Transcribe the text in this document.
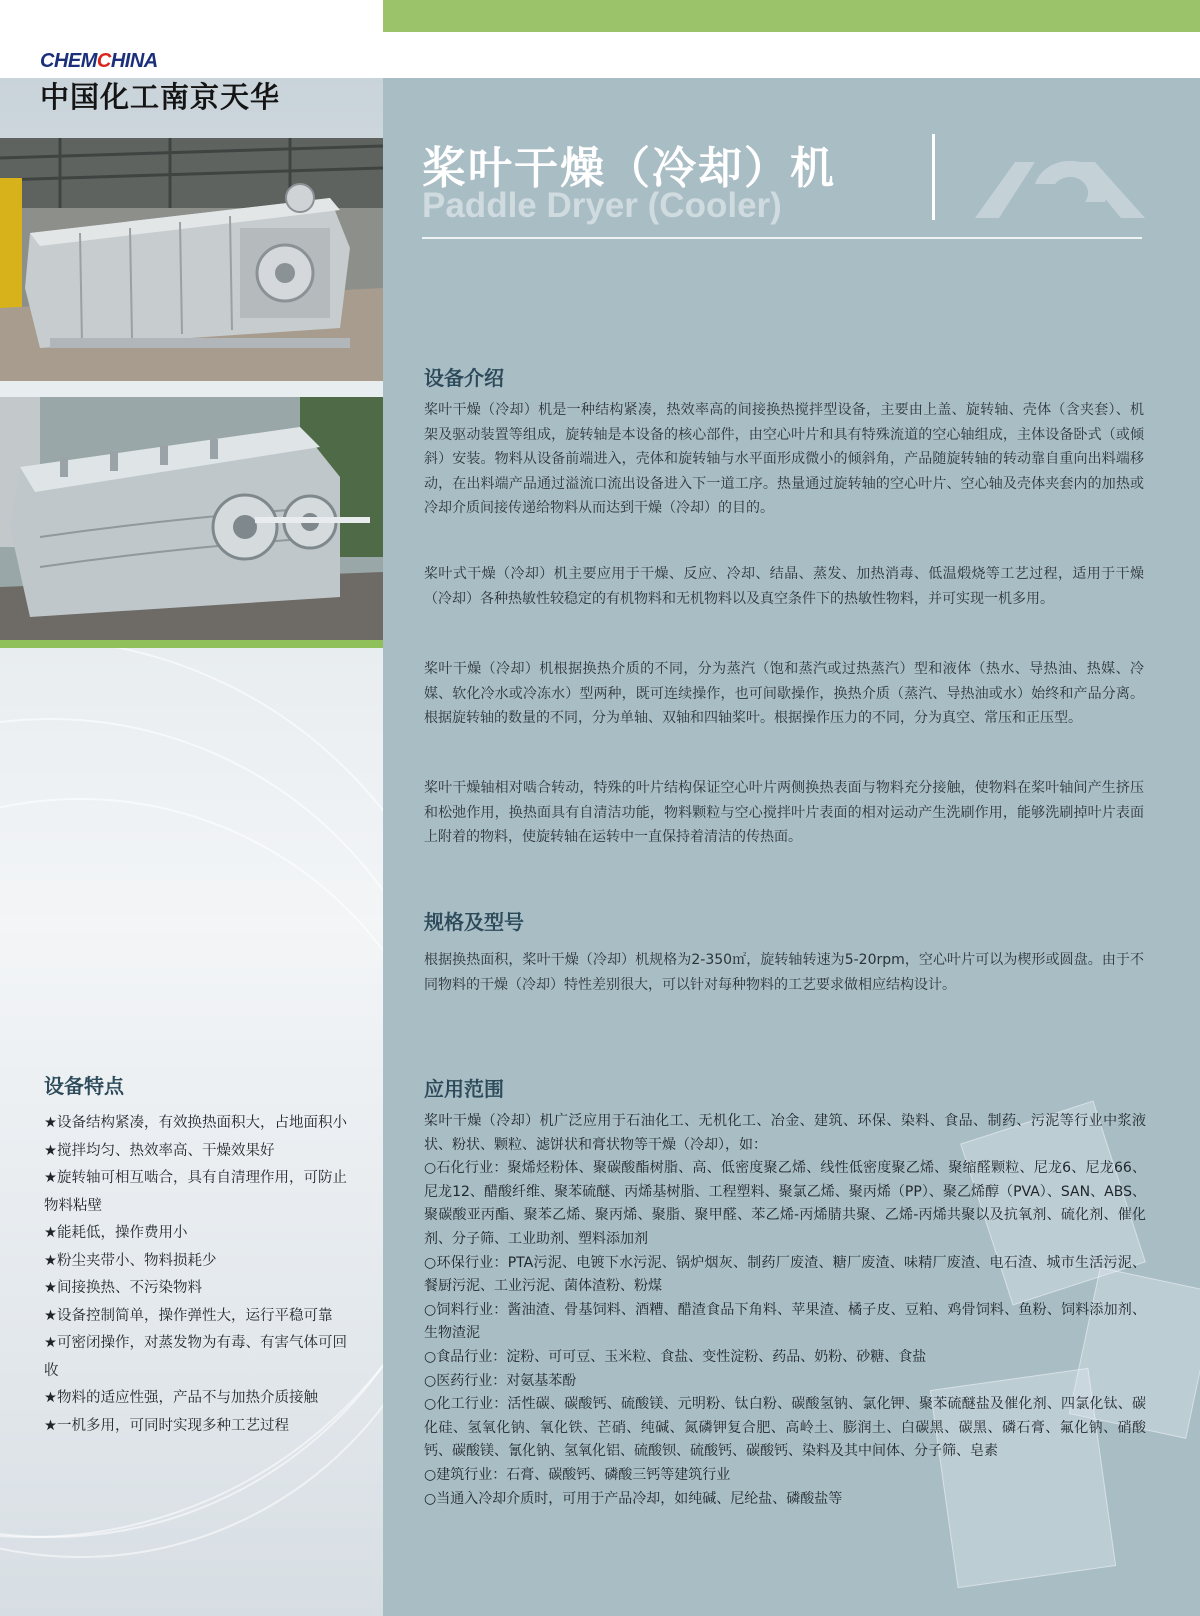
CHEMCHINA
中国化工南京天华
桨叶干燥（冷却）机
Paddle Dryer (Cooler)
设备介绍
桨叶干燥（冷却）机是一种结构紧凑，热效率高的间接换热搅拌型设备，主要由上盖、旋转轴、壳体（含夹套）、机架及驱动装置等组成，旋转轴是本设备的核心部件，由空心叶片和具有特殊流道的空心轴组成，主体设备卧式（或倾斜）安装。物料从设备前端进入，壳体和旋转轴与水平面形成微小的倾斜角，产品随旋转轴的转动靠自重向出料端移动，在出料端产品通过溢流口流出设备进入下一道工序。热量通过旋转轴的空心叶片、空心轴及壳体夹套内的加热或冷却介质间接传递给物料从而达到干燥（冷却）的目的。
桨叶式干燥（冷却）机主要应用于干燥、反应、冷却、结晶、蒸发、加热消毒、低温煅烧等工艺过程，适用于干燥（冷却）各种热敏性较稳定的有机物料和无机物料以及真空条件下的热敏性物料，并可实现一机多用。
桨叶干燥（冷却）机根据换热介质的不同，分为蒸汽（饱和蒸汽或过热蒸汽）型和液体（热水、导热油、热媒、冷媒、软化冷水或冷冻水）型两种，既可连续操作，也可间歇操作，换热介质（蒸汽、导热油或水）始终和产品分离。根据旋转轴的数量的不同，分为单轴、双轴和四轴桨叶。根据操作压力的不同，分为真空、常压和正压型。
桨叶干燥轴相对啮合转动，特殊的叶片结构保证空心叶片两侧换热表面与物料充分接触，使物料在桨叶轴间产生挤压和松弛作用，换热面具有自清洁功能，物料颗粒与空心搅拌叶片表面的相对运动产生洗刷作用，能够洗刷掉叶片表面上附着的物料，使旋转轴在运转中一直保持着清洁的传热面。
规格及型号
根据换热面积，桨叶干燥（冷却）机规格为2-350㎡，旋转轴转速为5-20rpm，空心叶片可以为楔形或圆盘。由于不同物料的干燥（冷却）特性差别很大，可以针对每种物料的工艺要求做相应结构设计。
设备特点
★设备结构紧凑，有效换热面积大，占地面积小
★搅拌均匀、热效率高、干燥效果好
★旋转轴可相互啮合，具有自清理作用，可防止物料粘壁
★能耗低，操作费用小
★粉尘夹带小、物料损耗少
★间接换热、不污染物料
★设备控制简单，操作弹性大，运行平稳可靠
★可密闭操作，对蒸发物为有毒、有害气体可回收
★物料的适应性强，产品不与加热介质接触
★一机多用，可同时实现多种工艺过程
应用范围
桨叶干燥（冷却）机广泛应用于石油化工、无机化工、冶金、建筑、环保、染料、食品、制药、污泥等行业中浆液状、粉状、颗粒、滤饼状和膏状物等干燥（冷却），如：
○石化行业：聚烯烃粉体、聚碳酸酯树脂、高、低密度聚乙烯、线性低密度聚乙烯、聚缩醛颗粒、尼龙6、尼龙66、尼龙12、醋酸纤维、聚苯硫醚、丙烯基树脂、工程塑料、聚氯乙烯、聚丙烯（PP）、聚乙烯醇（PVA）、SAN、ABS、聚碳酸亚丙酯、聚苯乙烯、聚丙烯、聚脂、聚甲醛、苯乙烯-丙烯腈共聚、乙烯-丙烯共聚以及抗氧剂、硫化剂、催化剂、分子筛、工业助剂、塑料添加剂
○环保行业：PTA污泥、电镀下水污泥、锅炉烟灰、制药厂废渣、糖厂废渣、味精厂废渣、电石渣、城市生活污泥、餐厨污泥、工业污泥、菌体渣粉、粉煤
○饲料行业：酱油渣、骨基饲料、酒糟、醋渣食品下角料、苹果渣、橘子皮、豆粕、鸡骨饲料、鱼粉、饲料添加剂、生物渣泥
○食品行业：淀粉、可可豆、玉米粒、食盐、变性淀粉、药品、奶粉、砂糖、食盐
○医药行业：对氨基苯酚
○化工行业：活性碳、碳酸钙、硫酸镁、元明粉、钛白粉、碳酸氢钠、氯化钾、聚苯硫醚盐及催化剂、四氯化钛、碳化硅、氢氧化钠、氧化铁、芒硝、纯碱、氮磷钾复合肥、高岭土、膨润土、白碳黑、碳黑、磷石膏、氟化钠、硝酸钙、碳酸镁、氰化钠、氢氧化铝、硫酸钡、硫酸钙、碳酸钙、染料及其中间体、分子筛、皂素
○建筑行业：石膏、碳酸钙、磷酸三钙等建筑行业
○当通入冷却介质时，可用于产品冷却，如纯碱、尼纶盐、磷酸盐等
